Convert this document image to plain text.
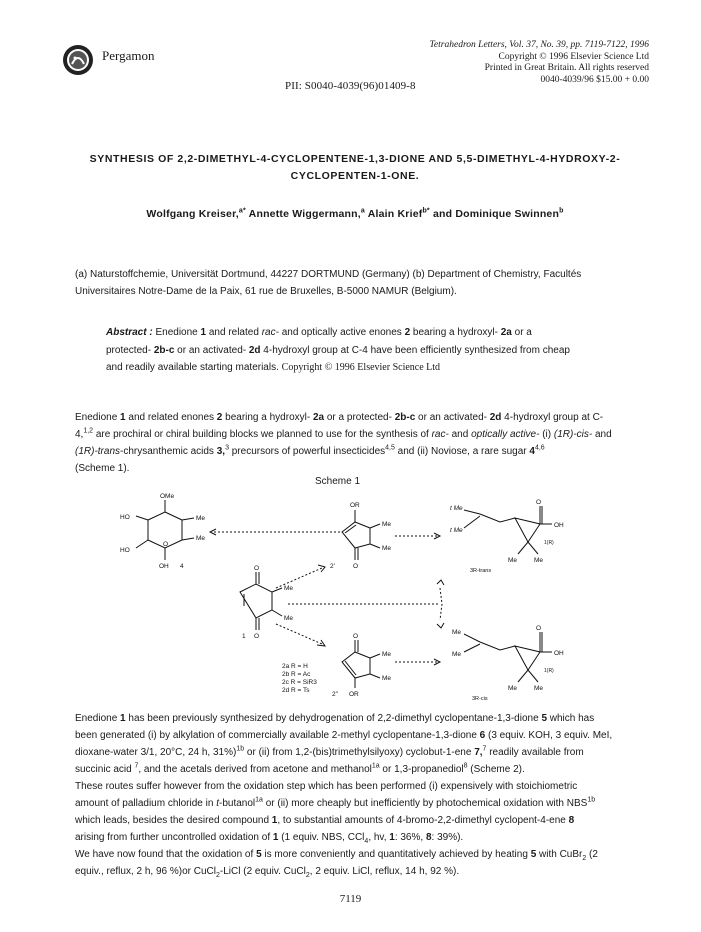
Pergamon
Tetrahedron Letters, Vol. 37, No. 39, pp. 7119-7122, 1996
Copyright © 1996 Elsevier Science Ltd
Printed in Great Britain. All rights reserved
0040-4039/96 $15.00 + 0.00
PII: S0040-4039(96)01409-8
SYNTHESIS OF 2,2-DIMETHYL-4-CYCLOPENTENE-1,3-DIONE AND 5,5-DIMETHYL-4-HYDROXY-2-
CYCLOPENTEN-1-ONE.
Wolfgang Kreiser,$^{a*}$ Annette Wiggermann,$^a$ Alain Krief$^{b*}$ and Dominique Swinnen$^b$
(a) Naturstoffchemie, Universität Dortmund, 44227 DORTMUND (Germany) (b) Department of Chemistry, Facultés
Universitaires Notre-Dame de la Paix, 61 rue de Bruxelles, B-5000 NAMUR (Belgium).
Abstract : Enedione 1 and related rac- and optically active enones 2 bearing a hydroxyl- 2a or a
protected- 2b-c or an activated- 2d 4-hydroxyl group at C-4 have been efficiently synthesized from cheap
and readily available starting materials. Copyright © 1996 Elsevier Science Ltd
Enedione 1 and related enones 2 bearing a hydroxyl- 2a or a protected- 2b-c or an activated- 2d 4-hydroxyl group at C-
4,$^{1,2}$ are prochiral or chiral building blocks we planned to use for the synthesis of rac- and optically active- (i) (1R)-cis- and
(1R)-trans-chrysanthemic acids 3,$^3$ precursors of powerful insecticides$^{4,5}$ and (ii) Noviose, a rare sugar 4$^{4,6}$
(Scheme 1).
Scheme 1
OMe
HO	Me
Me
O
HO
OH 4
OR
Me
Me
2'	O
t Me
t Me
OH
O
1(R)
Me	Me
3R-trans
O
Me
Me
O
1	O
Me
Me
2" OR
2a R = H
2b R = Ac
2c R = SiR3
2d R = Ts
Me
Me	OH
O
1(R)
Me	Me
3R-cis
Enedione 1 has been previously synthesized by dehydrogenation of 2,2-dimethyl cyclopentane-1,3-dione 5 which has
been generated (i) by alkylation of commercially available 2-methyl cyclopentane-1,3-dione 6 (3 equiv. KOH, 3 equiv. MeI,
dioxane-water 3/1, 20°C, 24 h, 31%)$^{1b}$ or (ii) from 1,2-(bis)trimethylsilyoxy) cyclobut-1-ene 7,$^7$ readily available from
succinic acid $^7$, and the acetals derived from acetone and methanol$^{1a}$ or 1,3-propanediol$^8$ (Scheme 2).
These routes suffer however from the oxidation step which has been performed (i) expensively with stoichiometric
amount of palladium chloride in t-butanol$^{1a}$ or (ii) more cheaply but inefficiently by photochemical oxidation with $NBS^{1b}$
which leads, besides the desired compound 1, to substantial amounts of 4-bromo-2,2-dimethyl cyclopent-4-ene 8
arising from further uncontrolled oxidation of 1 (1 equiv. NBS, CCl$_4$, hv, 1: 36%, 8: 39%).
We have now found that the oxidation of 5 is more conveniently and quantitatively achieved by heating 5 with CuBr$_2$ (2
equiv., reflux, 2 h, 96 %)or CuCl$_2$-LiCl (2 equiv. CuCl$_2$, 2 equiv. LiCl, reflux, 14 h, 92 %).
7119
